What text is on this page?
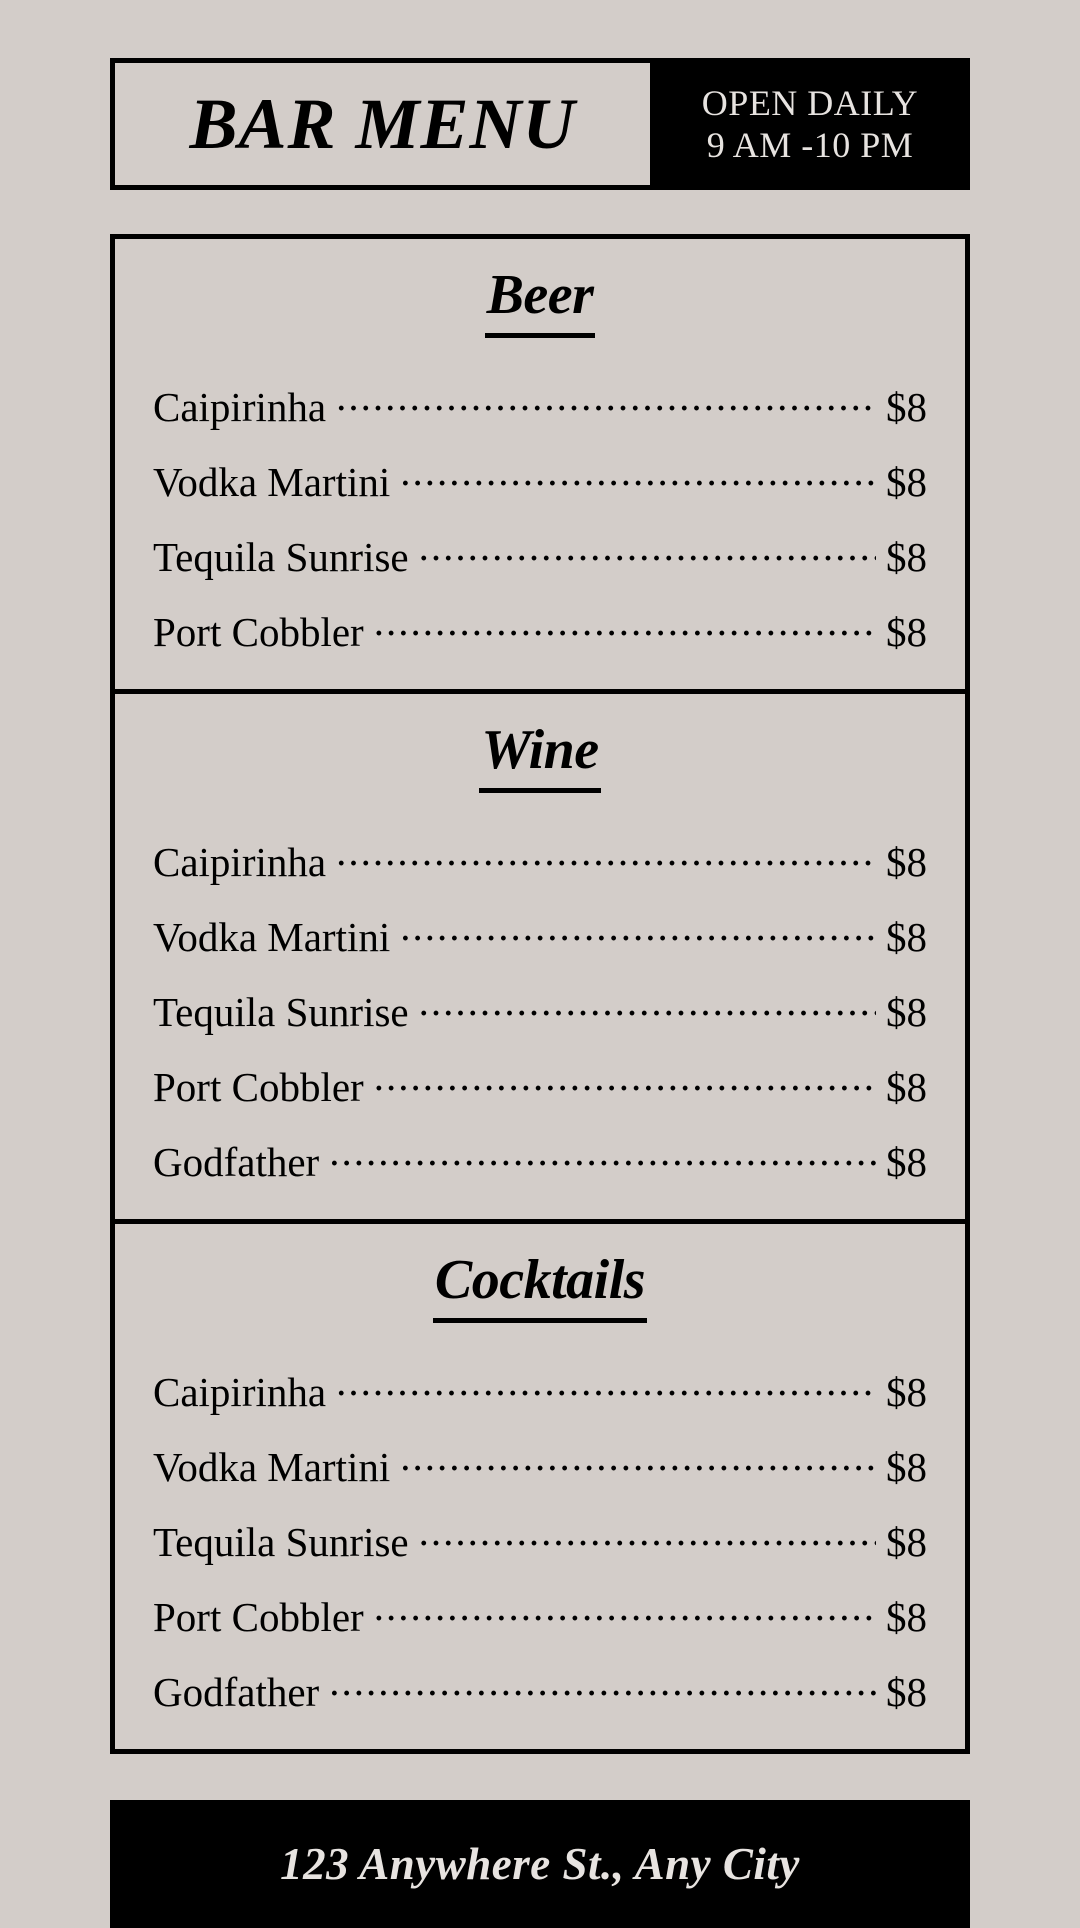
BAR MENU	OPEN DAILY
9 AM -10 PM
Beer
Caipirinha .....	$8
Vodka Martini .....	$8
Tequila Sunrise .....	$8
Port Cobbler .....	$8
Wine
Caipirinha .....	$8
Vodka Martini .....	$8
Tequila Sunrise .....	$8
Port Cobbler .....	$8
Godfather .....	$8
Cocktails
Caipirinha .....	$8
Vodka Martini .....	$8
Tequila Sunrise .....	$8
Port Cobbler .....	$8
Godfather .....	$8
123 Anywhere St., Any City
